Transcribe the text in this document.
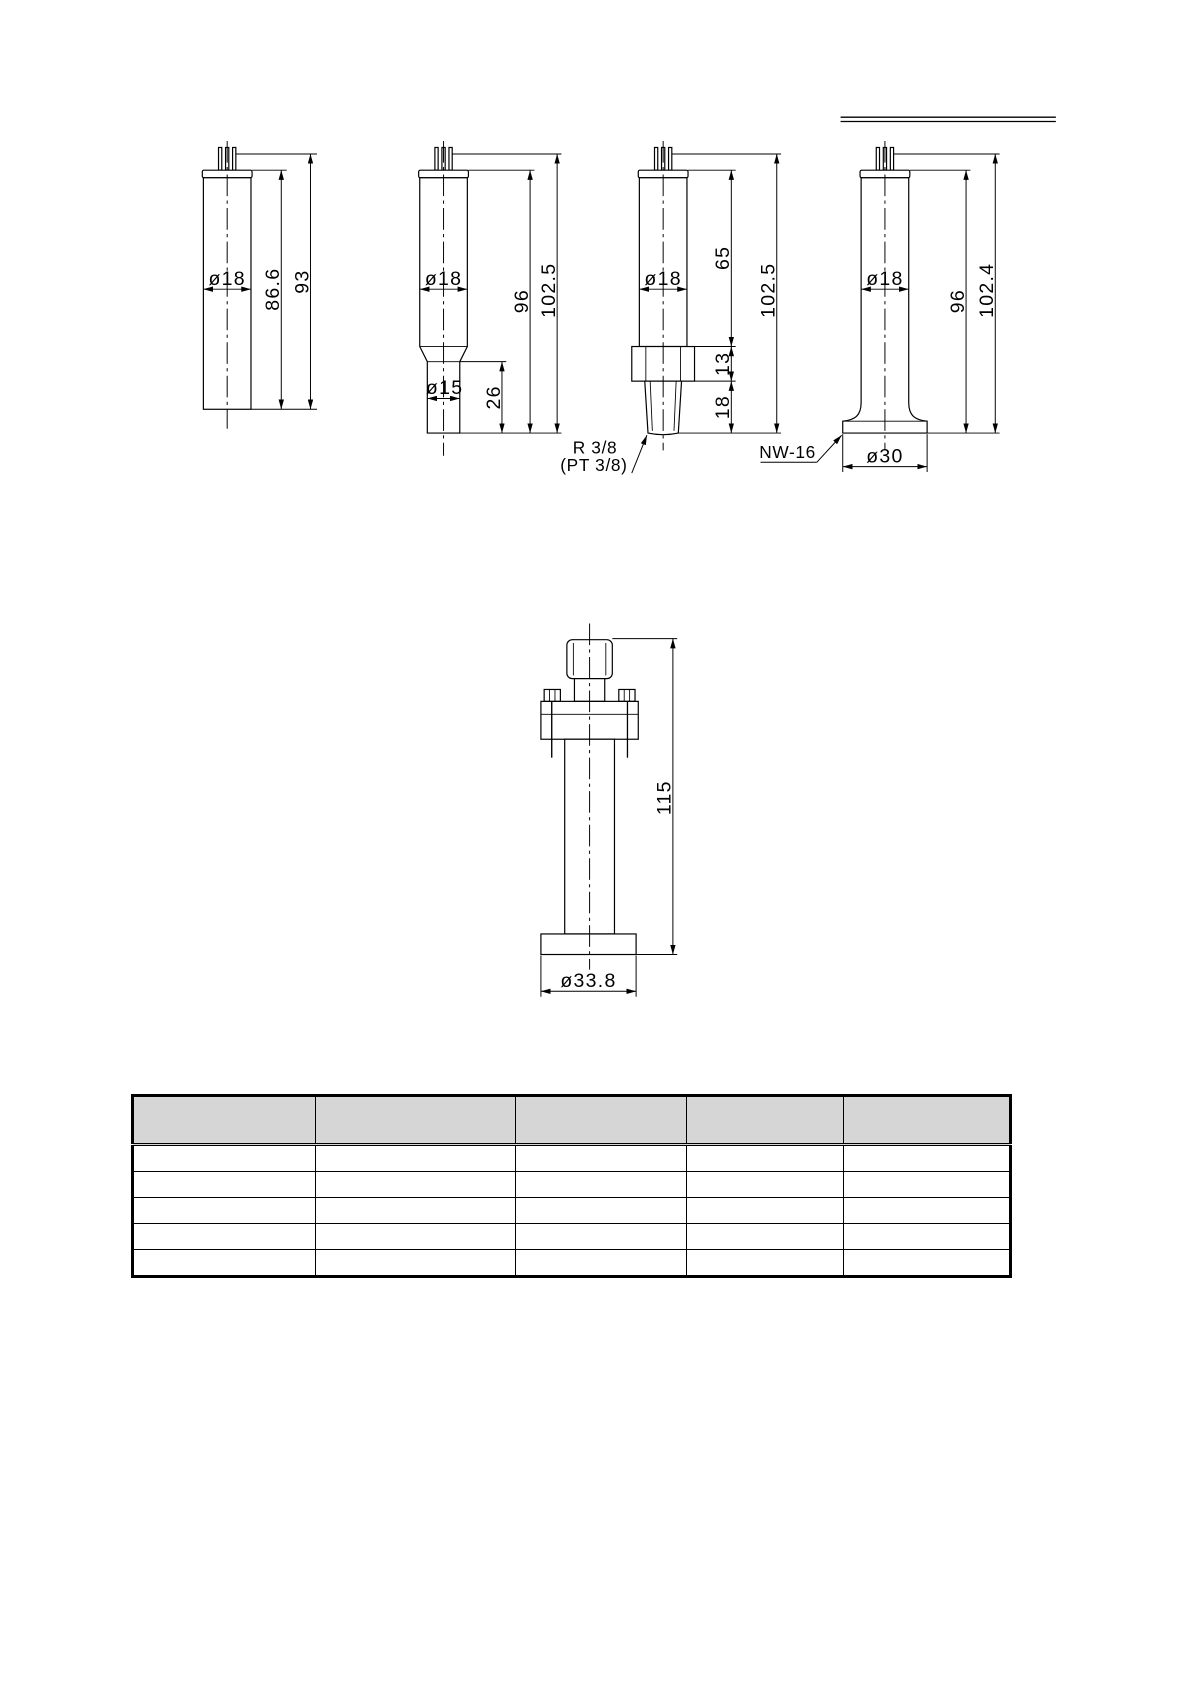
ø18 86.6 93	ø18
ø15 26
96 102.5	ø18
65
13
18
102.5
R 3/8
(PT 3/8)
ø18
96 102.4
ø30
NW-16
115
ø33.8
